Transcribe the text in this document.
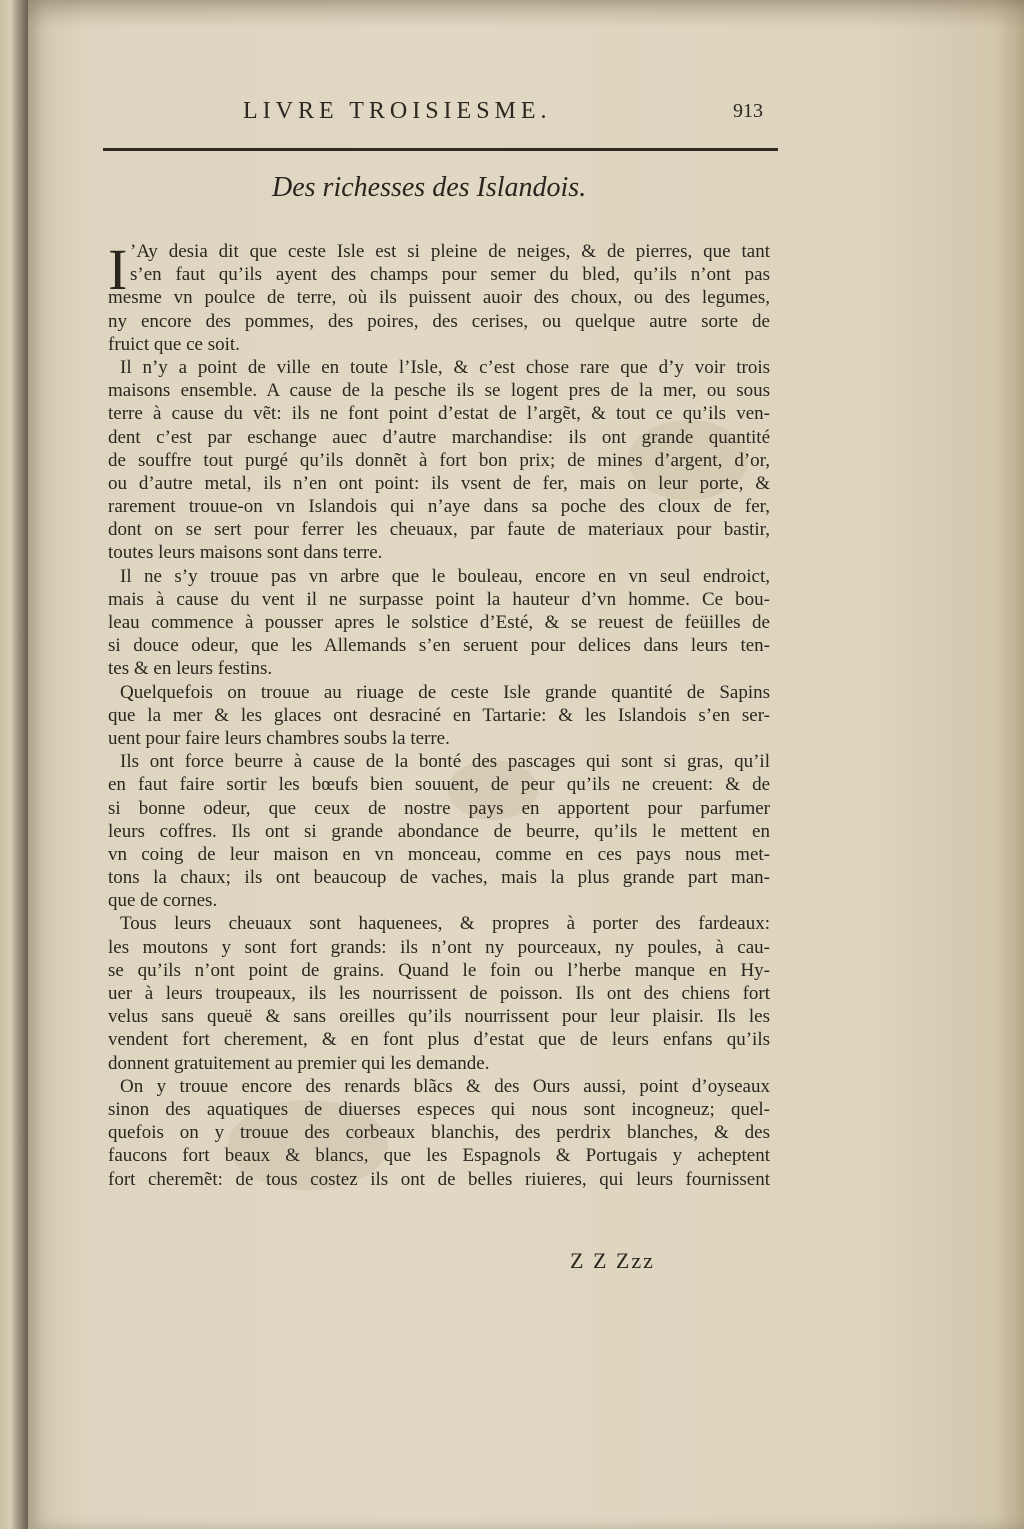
LIVRE TROISIESME.	913
Des richesses des Islandois.
I ’Ay desia dit que ceste Isle est si pleine de neiges, & de pierres, que tant
s’en faut qu’ils ayent des champs pour semer du bled, qu’ils n’ont pas
mesme vn poulce de terre, où ils puissent auoir des choux, ou des legumes,
ny encore des pommes, des poires, des cerises, ou quelque autre sorte de
fruict que ce soit.
Il n’y a point de ville en toute l’Isle, & c’est chose rare que d’y voir trois
maisons ensemble. A cause de la pesche ils se logent pres de la mer, ou sous
terre à cause du vẽt: ils ne font point d’estat de l’argẽt, & tout ce qu’ils ven-
dent c’est par eschange auec d’autre marchandise: ils ont grande quantité
de souffre tout purgé qu’ils donnẽt à fort bon prix; de mines d’argent, d’or,
ou d’autre metal, ils n’en ont point: ils vsent de fer, mais on leur porte, &
rarement trouue-on vn Islandois qui n’aye dans sa poche des cloux de fer,
dont on se sert pour ferrer les cheuaux, par faute de materiaux pour bastir,
toutes leurs maisons sont dans terre.
Il ne s’y trouue pas vn arbre que le bouleau, encore en vn seul endroict,
mais à cause du vent il ne surpasse point la hauteur d’vn homme. Ce bou-
leau commence à pousser apres le solstice d’Esté, & se reuest de feüilles de
si douce odeur, que les Allemands s’en seruent pour delices dans leurs ten-
tes & en leurs festins.
Quelquefois on trouue au riuage de ceste Isle grande quantité de Sapins
que la mer & les glaces ont desraciné en Tartarie: & les Islandois s’en ser-
uent pour faire leurs chambres soubs la terre.
Ils ont force beurre à cause de la bonté des pascages qui sont si gras, qu’il
en faut faire sortir les bœufs bien souuent, de peur qu’ils ne creuent: & de
si bonne odeur, que ceux de nostre pays en apportent pour parfumer
leurs coffres. Ils ont si grande abondance de beurre, qu’ils le mettent en
vn coing de leur maison en vn monceau, comme en ces pays nous met-
tons la chaux; ils ont beaucoup de vaches, mais la plus grande part man-
que de cornes.
Tous leurs cheuaux sont haquenees, & propres à porter des fardeaux:
les moutons y sont fort grands: ils n’ont ny pourceaux, ny poules, à cau-
se qu’ils n’ont point de grains. Quand le foin ou l’herbe manque en Hy-
uer à leurs troupeaux, ils les nourrissent de poisson. Ils ont des chiens fort
velus sans queuë & sans oreilles qu’ils nourrissent pour leur plaisir. Ils les
vendent fort cherement, & en font plus d’estat que de leurs enfans qu’ils
donnent gratuitement au premier qui les demande.
On y trouue encore des renards blãcs & des Ours aussi, point d’oyseaux
sinon des aquatiques de diuerses especes qui nous sont incogneuz; quel-
quefois on y trouue des corbeaux blanchis, des perdrix blanches, & des
faucons fort beaux & blancs, que les Espagnols & Portugais y acheptent
fort cheremẽt: de tous costez ils ont de belles riuieres, qui leurs fournissent
Z Z Zzz
